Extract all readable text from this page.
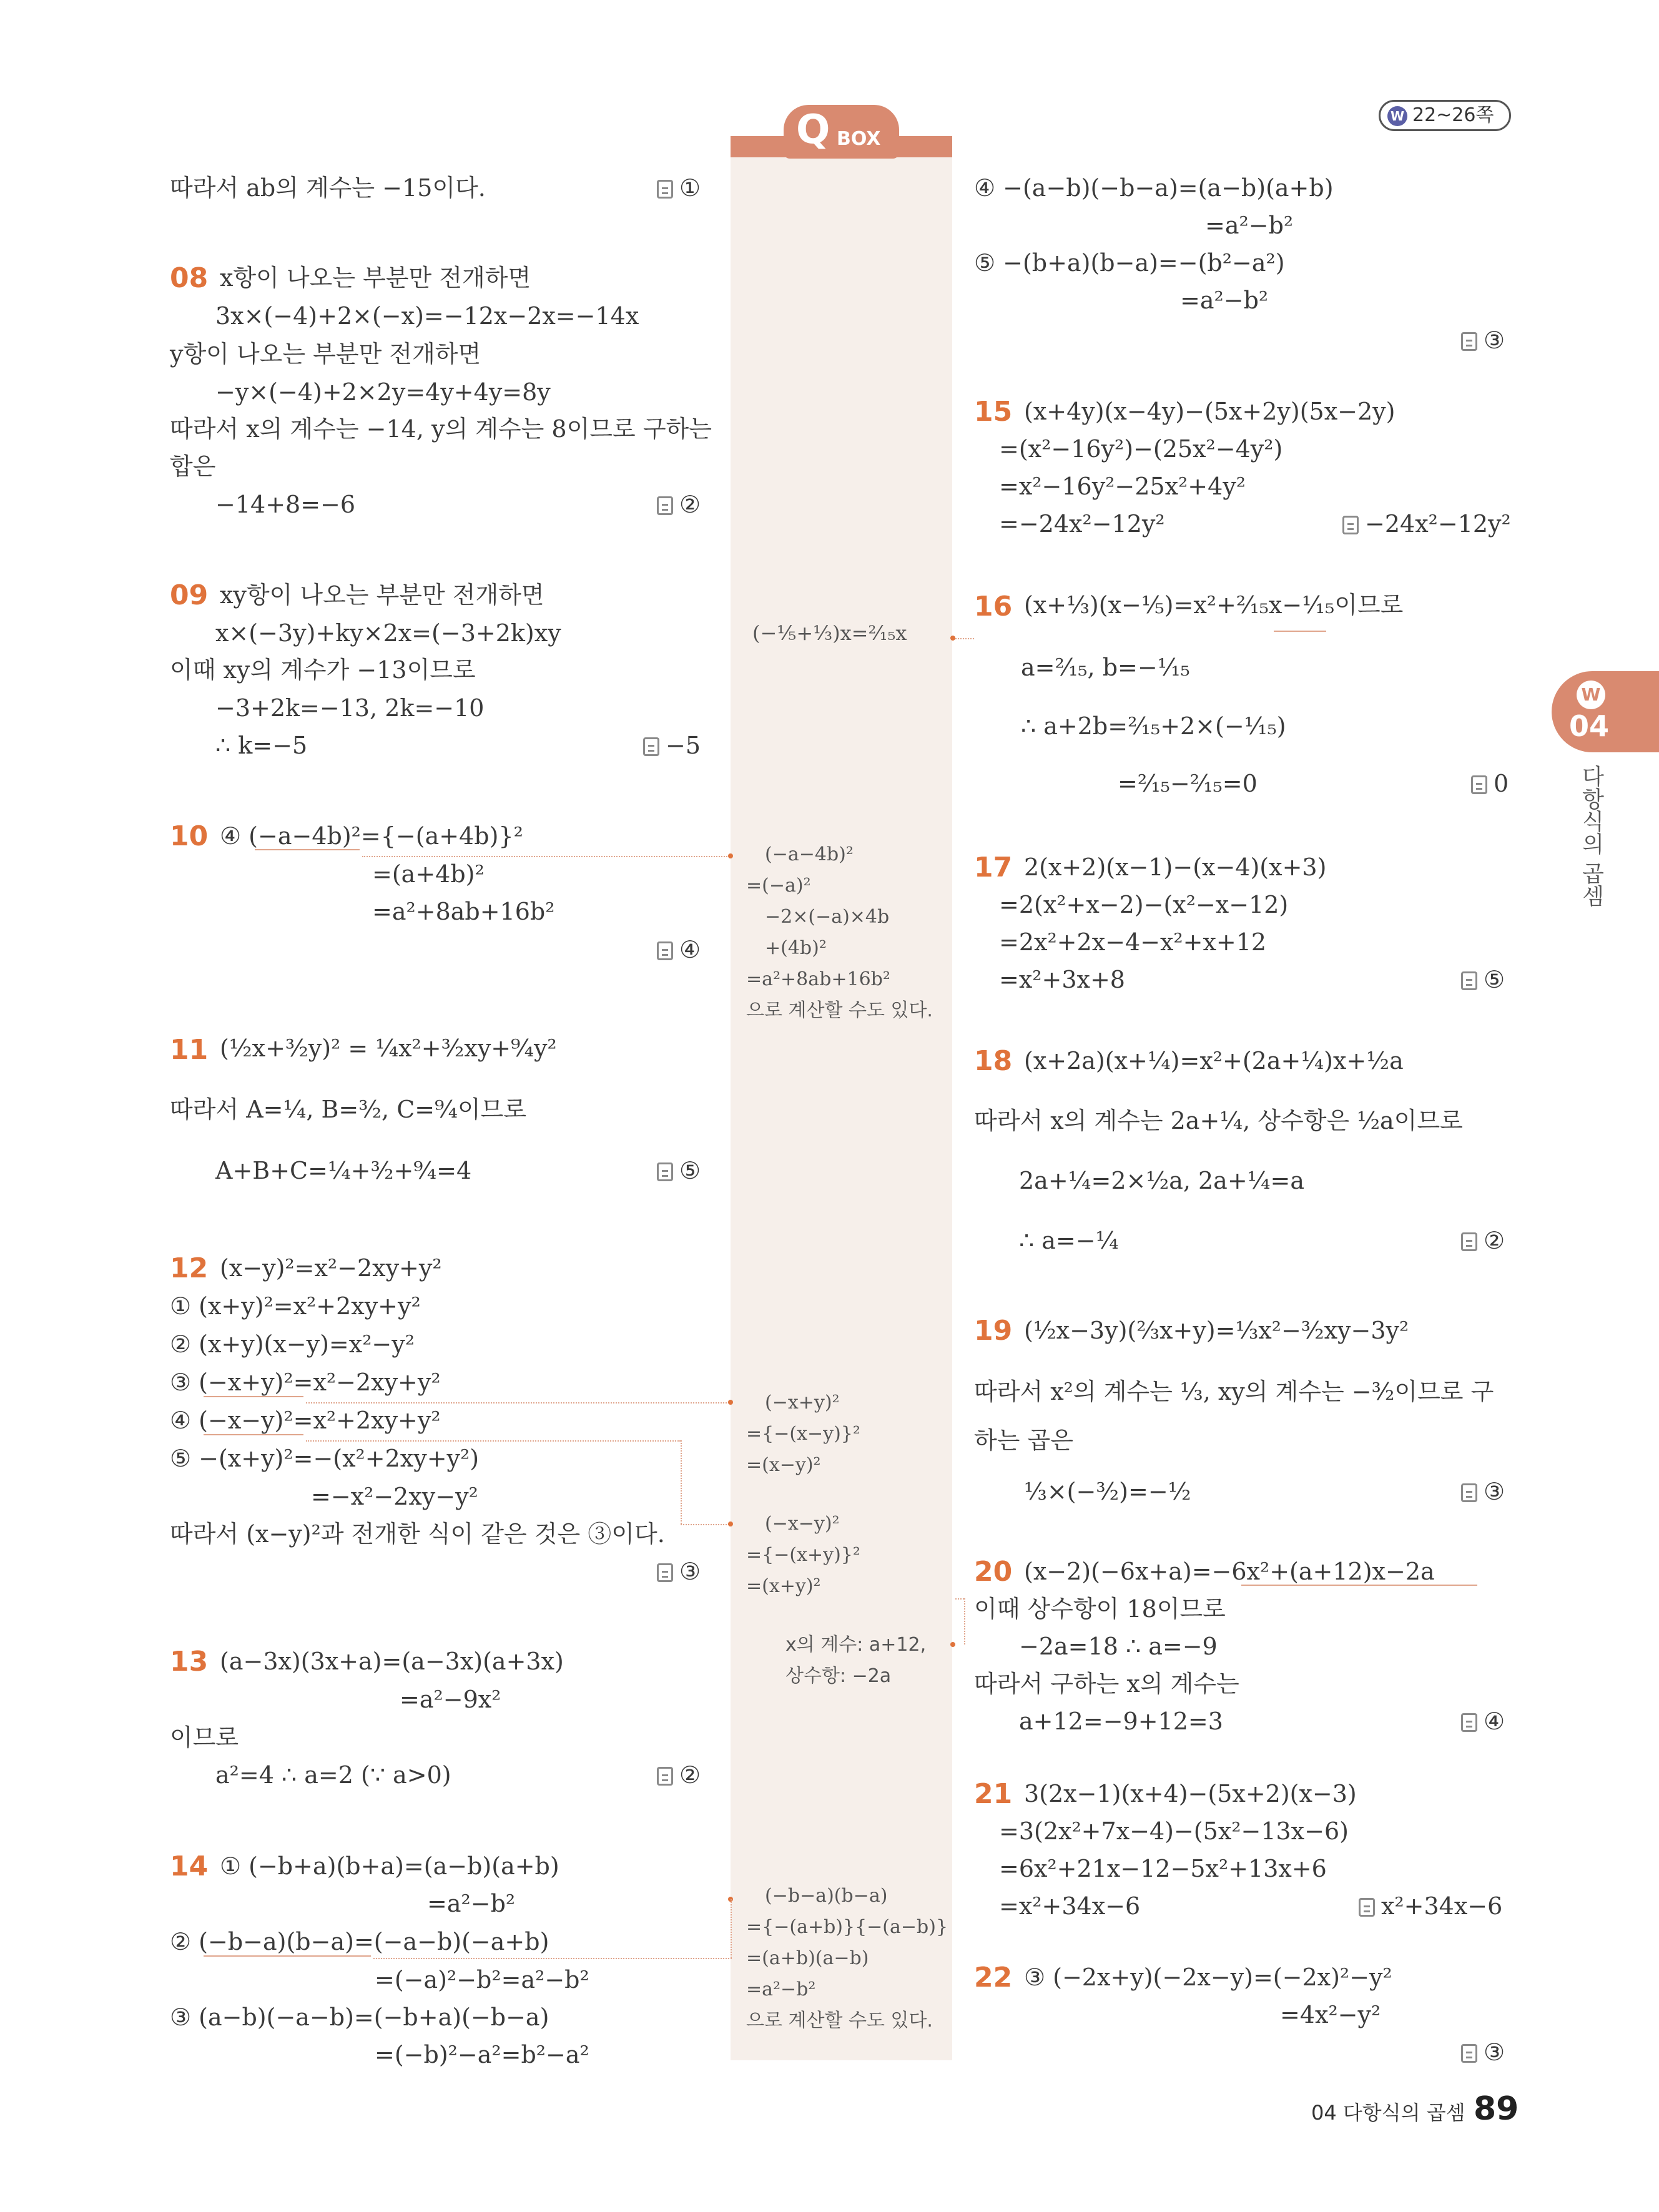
W 22~26쪽
Q BOX
W
04
다항식의 곱셈
따라서 ab의 계수는 −15이다.	①
08 x항이 나오는 부분만 전개하면
3x×(−4)+2×(−x)=−12x−2x=−14x
y항이 나오는 부분만 전개하면
−y×(−4)+2×2y=4y+4y=8y
따라서 x의 계수는 −14, y의 계수는 8이므로 구하는
합은
−14+8=−6	②
09 xy항이 나오는 부분만 전개하면
x×(−3y)+ky×2x=(−3+2k)xy
이때 xy의 계수가 −13이므로
−3+2k=−13, 2k=−10
∴ k=−5	−5
10 ④ (−a−4b)²={−(a+4b)}²
=(a+4b)²
=a²+8ab+16b²
④
11 (½x+³⁄₂y)² = ¼x²+³⁄₂xy+⁹⁄₄y²
따라서 A=¼, B=³⁄₂, C=⁹⁄₄이므로
A+B+C=¼+³⁄₂+⁹⁄₄=4	⑤
12 (x−y)²=x²−2xy+y²
① (x+y)²=x²+2xy+y²
② (x+y)(x−y)=x²−y²
③ (−x+y)²=x²−2xy+y²
④ (−x−y)²=x²+2xy+y²
⑤ −(x+y)²=−(x²+2xy+y²)
=−x²−2xy−y²
따라서 (x−y)²과 전개한 식이 같은 것은 ③이다.
③
13 (a−3x)(3x+a)=(a−3x)(a+3x)
=a²−9x²
이므로
a²=4 ∴ a=2 (∵ a>0)	②
14 ① (−b+a)(b+a)=(a−b)(a+b)
=a²−b²
② (−b−a)(b−a)=(−a−b)(−a+b)
=(−a)²−b²=a²−b²
③ (a−b)(−a−b)=(−b+a)(−b−a)
=(−b)²−a²=b²−a²
(−⅕+⅓)x=²⁄₁₅x
(−a−4b)²
=(−a)²
−2×(−a)×4b
+(4b)²
=a²+8ab+16b²
으로 계산할 수도 있다.
(−x+y)²
={−(x−y)}²
=(x−y)²
(−x−y)²
={−(x+y)}²
=(x+y)²
x의 계수: a+12,
상수항: −2a
(−b−a)(b−a)
={−(a+b)}{−(a−b)}
=(a+b)(a−b)
=a²−b²
으로 계산할 수도 있다.
④ −(a−b)(−b−a)=(a−b)(a+b)
=a²−b²
⑤ −(b+a)(b−a)=−(b²−a²)
=a²−b²
③
15 (x+4y)(x−4y)−(5x+2y)(5x−2y)
=(x²−16y²)−(25x²−4y²)
=x²−16y²−25x²+4y²
=−24x²−12y²	−24x²−12y²
16 (x+⅓)(x−⅕)=x²+²⁄₁₅x−¹⁄₁₅이므로
a=²⁄₁₅, b=−¹⁄₁₅
∴ a+2b=²⁄₁₅+2×(−¹⁄₁₅)
=²⁄₁₅−²⁄₁₅=0	0
17 2(x+2)(x−1)−(x−4)(x+3)
=2(x²+x−2)−(x²−x−12)
=2x²+2x−4−x²+x+12
=x²+3x+8	⑤
18 (x+2a)(x+¼)=x²+(2a+¼)x+½a
따라서 x의 계수는 2a+¼, 상수항은 ½a이므로
2a+¼=2×½a, 2a+¼=a
∴ a=−¼	②
19 (½x−3y)(⅔x+y)=⅓x²−³⁄₂xy−3y²
따라서 x²의 계수는 ⅓, xy의 계수는 −³⁄₂이므로 구
하는 곱은
⅓×(−³⁄₂)=−½	③
20 (x−2)(−6x+a)=−6x²+(a+12)x−2a
이때 상수항이 18이므로
−2a=18 ∴ a=−9
따라서 구하는 x의 계수는
a+12=−9+12=3	④
21 3(2x−1)(x+4)−(5x+2)(x−3)
=3(2x²+7x−4)−(5x²−13x−6)
=6x²+21x−12−5x²+13x+6
=x²+34x−6	x²+34x−6
22 ③ (−2x+y)(−2x−y)=(−2x)²−y²
=4x²−y²
③
04 다항식의 곱셈 89
